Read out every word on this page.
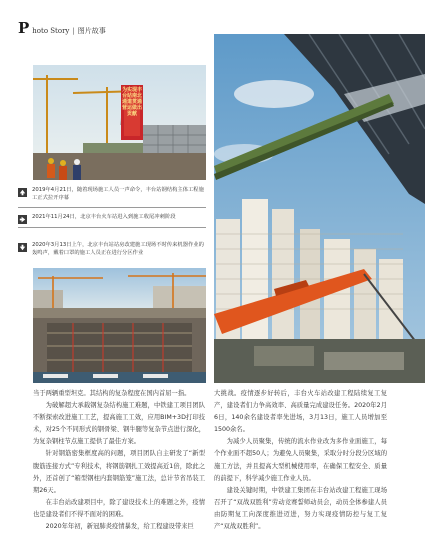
P hoto Story | 图片故事
为实现丰台站南北通道贯通营运做出贡献
2019年4月21日，随着现场施工人员一声命令，丰台站钢结构主体工程施工正式拉开序幕
2021年11月24日，北京丰台火车站进入到施工收尾冲刺阶段
2020年3月13日上午，北京丰台站站房改建施工现场不时传来机器作业的轰鸣声，戴着口罩的施工人员正在进行分区作业

当于两辆重型坦克。其结构的复杂程度在国内首屈一指。

为破解超大承载钢复杂结构施工难题，中铁建工项目团队不断探索改进施工工艺，提高施工工效，应用BIM+3D打印技术，对25个不同形式的钢骨梁、钢牛腿等复杂节点进行深化，为复杂钢柱节点施工提供了最佳方案。

针对钢筋密集框度高的问题，项目团队自主研发了“新型腹筋连接方式”专利技术，将钢筋钢扎工效提高近1倍，除此之外，还首创了“箱型钢柱内套钢筋笼”施工法，总计节省吊装工期26天。

在丰台站改建项目中，除了建设技术上的难题之外，疫情也是建设者们不得不面对的困难。

2020年年初，新冠肺炎疫情暴发，给工程建设带来巨

大挑战。疫情逐步好转后，丰台火车站改建工程陆续复工复产，建设者们力争高效率、高质量完成建设任务。2020年2月6日，140余名建设者率先进场，3月13日，施工人员增加至1500余名。

为减少人员聚集，传统的流水作业改为多作业面施工，每个作业面不超50人；为避免人员聚集，采取分时分段分区域的施工方法，并且提高大型机械使用率，在确保工程安全、质量的前提下，科学减少施工作业人员。

建设关键时期，中铁建工集团在丰台站改建工程施工现场召开了“双战双胜利”劳动竞赛誓师动员会，动员全体参建人员由防期复工向深度推进迈进，努力实现疫情防控与复工复产“双战双胜利”。
